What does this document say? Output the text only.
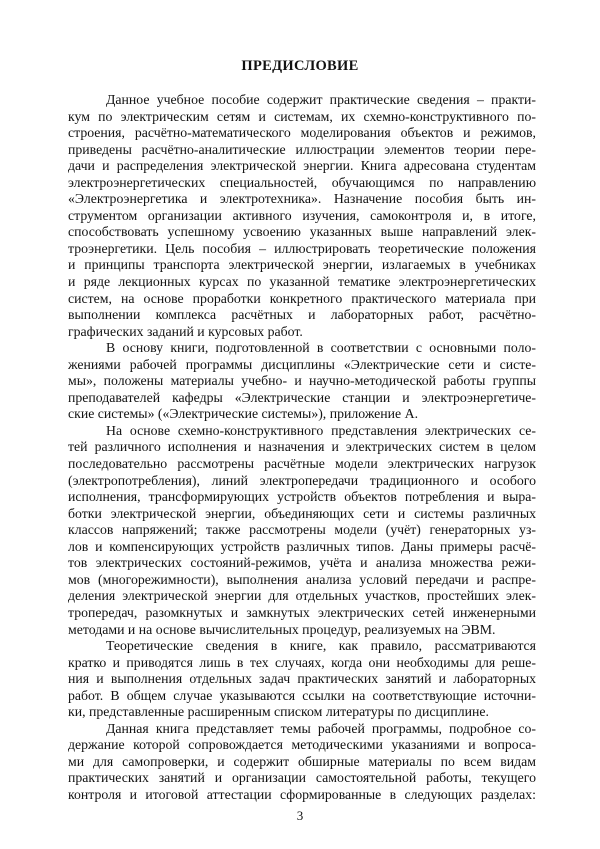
ПРЕДИСЛОВИЕ
Данное учебное пособие содержит практические сведения – практи-
кум по электрическим сетям и системам, их схемно-конструктивного по-
строения, расчётно-математического моделирования объектов и режимов,
приведены расчётно-аналитические иллюстрации элементов теории пере-
дачи и распределения электрической энергии. Книга адресована студентам
электроэнергетических специальностей, обучающимся по направлению
«Электроэнергетика и электротехника». Назначение пособия быть ин-
струментом организации активного изучения, самоконтроля и, в итоге,
способствовать успешному усвоению указанных выше направлений элек-
троэнергетики. Цель пособия – иллюстрировать теоретические положения
и принципы транспорта электрической энергии, излагаемых в учебниках
и ряде лекционных курсах по указанной тематике электроэнергетических
систем, на основе проработки конкретного практического материала при
выполнении комплекса расчётных и лабораторных работ, расчётно-
графических заданий и курсовых работ.
В основу книги, подготовленной в соответствии с основными поло-
жениями рабочей программы дисциплины «Электрические сети и систе-
мы», положены материалы учебно- и научно-методической работы группы
преподавателей кафедры «Электрические станции и электроэнергетиче-
ские системы» («Электрические системы»), приложение А.
На основе схемно-конструктивного представления электрических се-
тей различного исполнения и назначения и электрических систем в целом
последовательно рассмотрены расчётные модели электрических нагрузок
(электропотребления), линий электропередачи традиционного и особого
исполнения, трансформирующих устройств объектов потребления и выра-
ботки электрической энергии, объединяющих сети и системы различных
классов напряжений; также рассмотрены модели (учёт) генераторных уз-
лов и компенсирующих устройств различных типов. Даны примеры расчё-
тов электрических состояний-режимов, учёта и анализа множества режи-
мов (многорежимности), выполнения анализа условий передачи и распре-
деления электрической энергии для отдельных участков, простейших элек-
тропередач, разомкнутых и замкнутых электрических сетей инженерными
методами и на основе вычислительных процедур, реализуемых на ЭВМ.
Теоретические сведения в книге, как правило, рассматриваются
кратко и приводятся лишь в тех случаях, когда они необходимы для реше-
ния и выполнения отдельных задач практических занятий и лабораторных
работ. В общем случае указываются ссылки на соответствующие источни-
ки, представленные расширенным списком литературы по дисциплине.
Данная книга представляет темы рабочей программы, подробное со-
держание которой сопровождается методическими указаниями и вопроса-
ми для самопроверки, и содержит обширные материалы по всем видам
практических занятий и организации самостоятельной работы, текущего
контроля и итоговой аттестации сформированные в следующих разделах:
3
